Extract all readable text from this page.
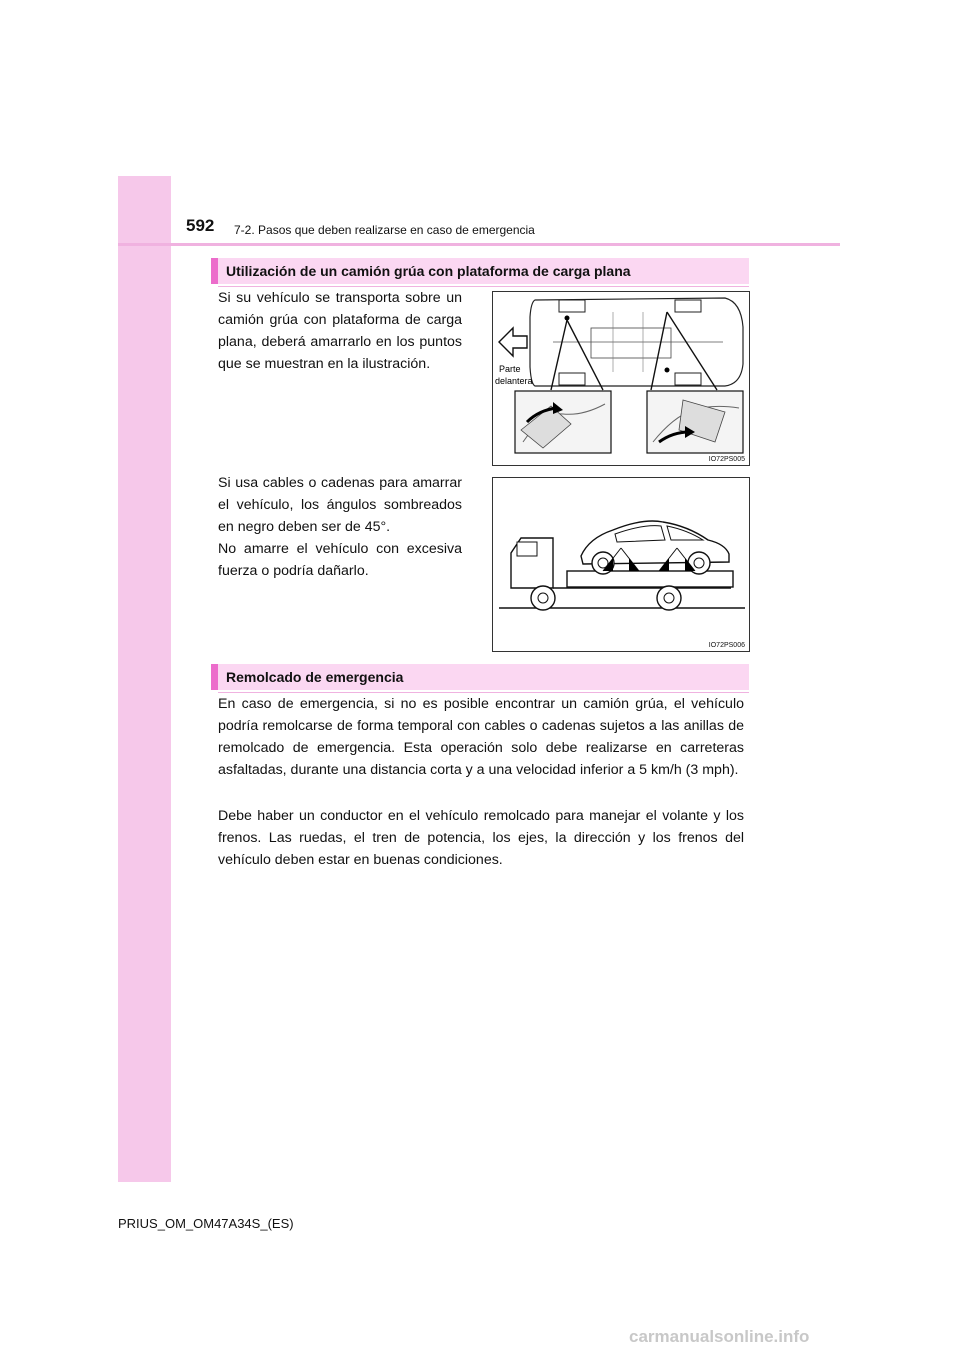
592 7-2. Pasos que deben realizarse en caso de emergencia
Utilización de un camión grúa con plataforma de carga plana

Si su vehículo se transporta sobre un camión grúa con plataforma de carga plana, deberá amarrarlo en los puntos que se muestran en la ilustración.	Parte
delantera
IO72PS005

Si usa cables o cadenas para amarrar el vehículo, los ángulos sombreados en negro deben ser de 45°.

No amarre el vehículo con excesiva fuerza o podría dañarlo.

IO72PS006
Remolcado de emergencia

En caso de emergencia, si no es posible encontrar un camión grúa, el vehículo podría remolcarse de forma temporal con cables o cadenas sujetos a las anillas de remolcado de emergencia. Esta operación solo debe realizarse en carreteras asfaltadas, durante una distancia corta y a una velocidad inferior a 5 km/h (3 mph).

Debe haber un conductor en el vehículo remolcado para manejar el volante y los frenos. Las ruedas, el tren de potencia, los ejes, la dirección y los frenos del vehículo deben estar en buenas condiciones.

PRIUS_OM_OM47A34S_(ES)
carmanualsonline.info
